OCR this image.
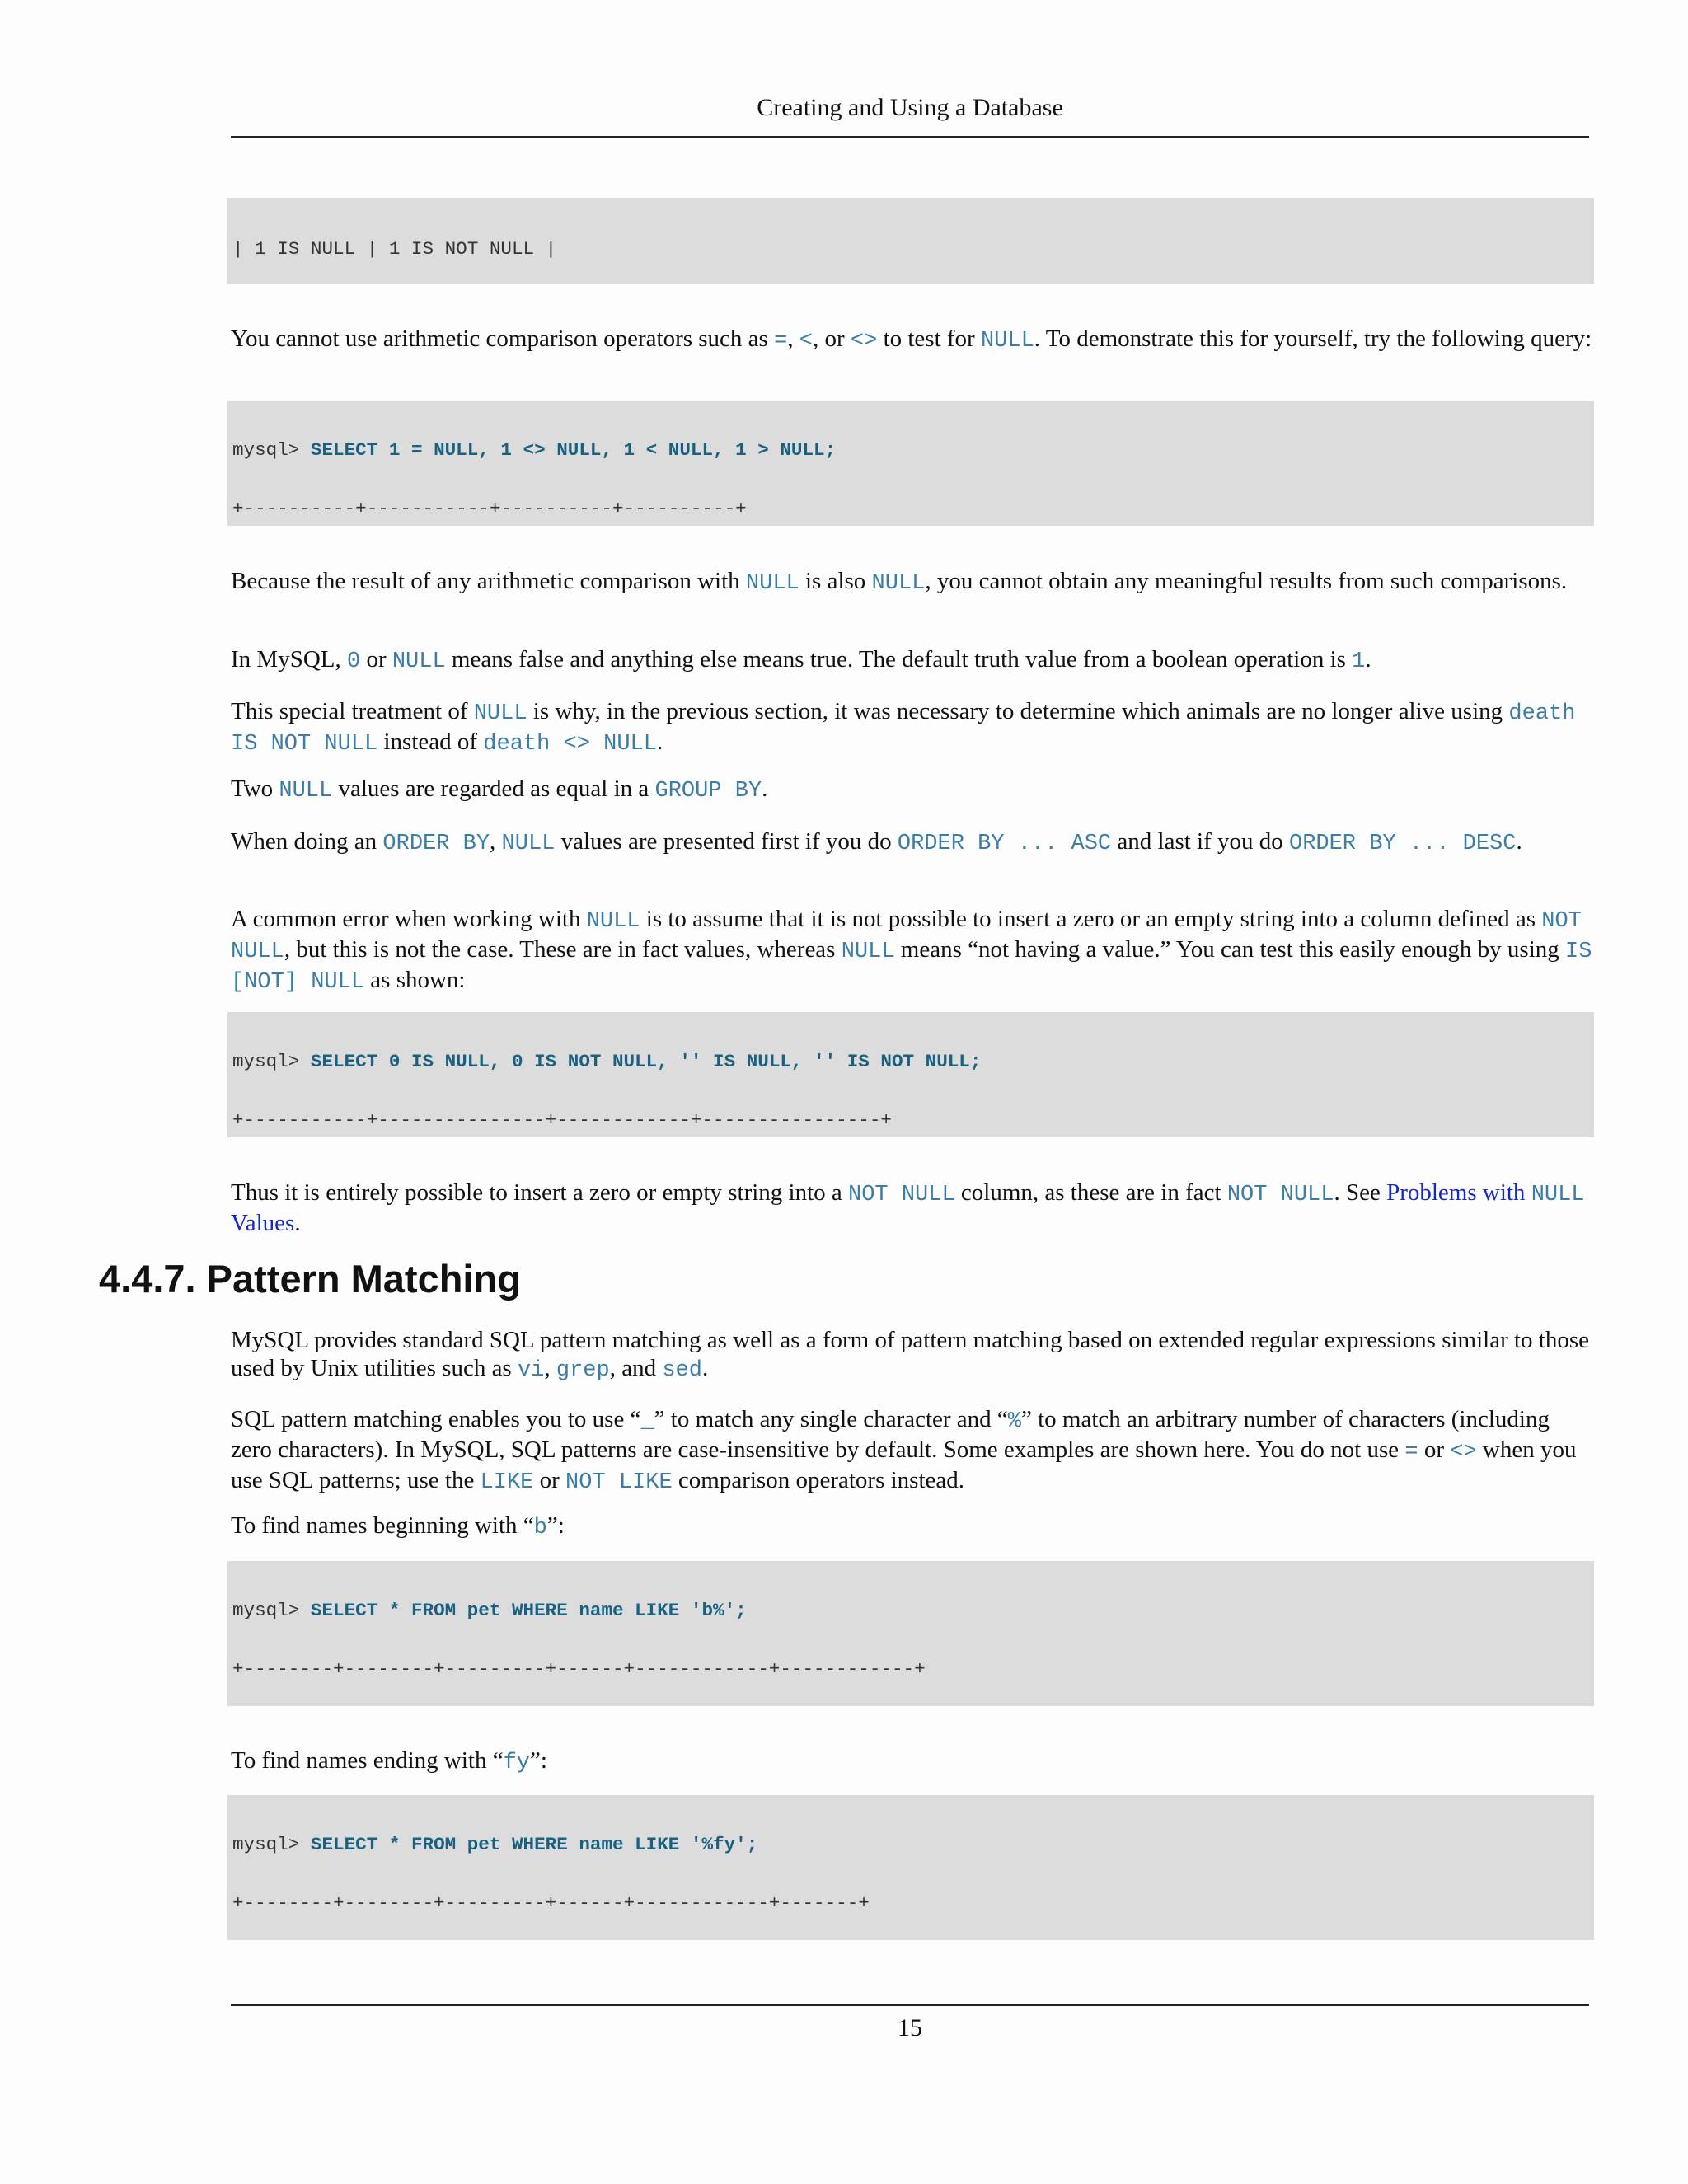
Creating and Using a Database

| 1 IS NULL | 1 IS NOT NULL |

You cannot use arithmetic comparison operators such as =, <, or <> to test for NULL. To demonstrate this for yourself, try the following query:

mysql> SELECT 1 = NULL, 1 <> NULL, 1 < NULL, 1 > NULL;

+----------+-----------+----------+----------+

Because the result of any arithmetic comparison with NULL is also NULL, you cannot obtain any meaningful results from such comparisons.
In MySQL, 0 or NULL means false and anything else means true. The default truth value from a boolean operation is 1.
This special treatment of NULL is why, in the previous section, it was necessary to determine which animals are no longer alive using death IS NOT NULL instead of death <> NULL.
Two NULL values are regarded as equal in a GROUP BY.
When doing an ORDER BY, NULL values are presented first if you do ORDER BY ... ASC and last if you do ORDER BY ... DESC.
A common error when working with NULL is to assume that it is not possible to insert a zero or an empty string into a column defined as NOT NULL, but this is not the case. These are in fact values, whereas NULL means “not having a value.” You can test this easily enough by using IS [NOT] NULL as shown:

mysql> SELECT 0 IS NULL, 0 IS NOT NULL, '' IS NULL, '' IS NOT NULL;

+-----------+---------------+------------+----------------+

Thus it is entirely possible to insert a zero or empty string into a NOT NULL column, as these are in fact NOT NULL. See Problems with NULL Values.
4.4.7. Pattern Matching
MySQL provides standard SQL pattern matching as well as a form of pattern matching based on extended regular expressions similar to those used by Unix utilities such as vi, grep, and sed.
SQL pattern matching enables you to use “_” to match any single character and “%” to match an arbitrary number of characters (including zero characters). In MySQL, SQL patterns are case-insensitive by default. Some examples are shown here. You do not use = or <> when you use SQL patterns; use the LIKE or NOT LIKE comparison operators instead.
To find names beginning with “b”:

mysql> SELECT * FROM pet WHERE name LIKE 'b%';

+--------+--------+---------+------+------------+------------+

To find names ending with “fy”:

mysql> SELECT * FROM pet WHERE name LIKE '%fy';

+--------+--------+---------+------+------------+-------+

15
